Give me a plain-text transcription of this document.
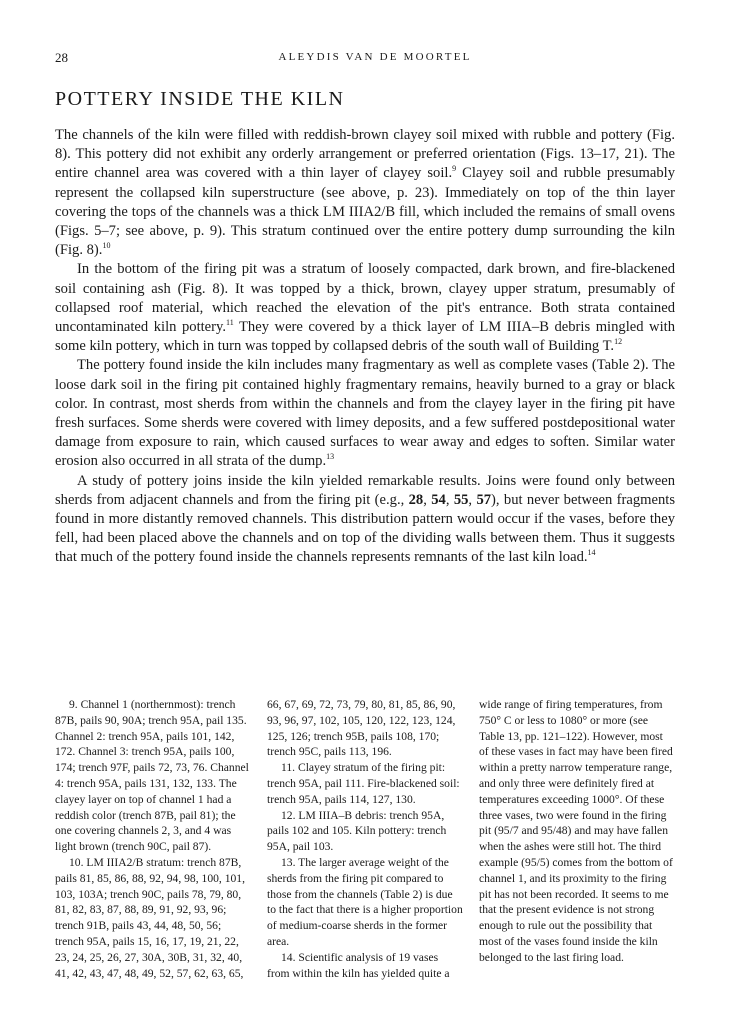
28	ALEYDIS VAN DE MOORTEL
POTTERY INSIDE THE KILN

The channels of the kiln were filled with reddish-brown clayey soil mixed with rubble and pottery (Fig. 8). This pottery did not exhibit any orderly arrangement or preferred orientation (Figs. 13–17, 21). The entire channel area was covered with a thin layer of clayey soil.$^9$ Clayey soil and rubble presumably represent the collapsed kiln superstructure (see above, p. 23). Immediately on top of the thin layer covering the tops of the channels was a thick LM IIIA2/B fill, which included the remains of small ovens (Figs. 5–7; see above, p. 9). This stratum continued over the entire pottery dump surrounding the kiln (Fig. 8).$^{10}$

In the bottom of the firing pit was a stratum of loosely compacted, dark brown, and fire-blackened soil containing ash (Fig. 8). It was topped by a thick, brown, clayey upper stratum, presumably of collapsed roof material, which reached the elevation of the pit's entrance. Both strata contained uncontaminated kiln pottery.$^{11}$ They were covered by a thick layer of LM IIIA–B debris mingled with some kiln pottery, which in turn was topped by collapsed debris of the south wall of Building T.$^{12}$

The pottery found inside the kiln includes many fragmentary as well as complete vases (Table 2). The loose dark soil in the firing pit contained highly fragmentary remains, heavily burned to a gray or black color. In contrast, most sherds from within the channels and from the clayey layer in the firing pit have fresh surfaces. Some sherds were covered with limey deposits, and a few suffered postdepositional water damage from exposure to rain, which caused surfaces to wear away and edges to soften. Similar water erosion also occurred in all strata of the dump.$^{13}$

A study of pottery joins inside the kiln yielded remarkable results. Joins were found only between sherds from adjacent channels and from the firing pit (e.g., 28, 54, 55, 57), but never between fragments found in more distantly removed channels. This distribution pattern would occur if the vases, before they fell, had been placed above the channels and on top of the dividing walls between them. Thus it suggests that much of the pottery found inside the channels represents remnants of the last kiln load.$^{14}$

9. Channel 1 (northernmost): trench 87B, pails 90, 90A; trench 95A, pail 135. Channel 2: trench 95A, pails 101, 142, 172. Channel 3: trench 95A, pails 100, 174; trench 97F, pails 72, 73, 76. Channel 4: trench 95A, pails 131, 132, 133. The clayey layer on top of channel 1 had a reddish color (trench 87B, pail 81); the one covering channels 2, 3, and 4 was light brown (trench 90C, pail 87).

10. LM IIIA2/B stratum: trench 87B, pails 81, 85, 86, 88, 92, 94, 98, 100, 101, 103, 103A; trench 90C, pails 78, 79, 80, 81, 82, 83, 87, 88, 89, 91, 92, 93, 96; trench 91B, pails 43, 44, 48, 50, 56; trench 95A, pails 15, 16, 17, 19, 21, 22, 23, 24, 25, 26, 27, 30A, 30B, 31, 32, 40, 41, 42, 43, 47, 48, 49, 52, 57, 62, 63, 65,

66, 67, 69, 72, 73, 79, 80, 81, 85, 86, 90, 93, 96, 97, 102, 105, 120, 122, 123, 124, 125, 126; trench 95B, pails 108, 170; trench 95C, pails 113, 196.

11. Clayey stratum of the firing pit: trench 95A, pail 111. Fire-blackened soil: trench 95A, pails 114, 127, 130.

12. LM IIIA–B debris: trench 95A, pails 102 and 105. Kiln pottery: trench 95A, pail 103.

13. The larger average weight of the sherds from the firing pit compared to those from the channels (Table 2) is due to the fact that there is a higher proportion of medium-coarse sherds in the former area.

14. Scientific analysis of 19 vases from within the kiln has yielded quite a

wide range of firing temperatures, from 750° C or less to 1080° or more (see Table 13, pp. 121–122). However, most of these vases in fact may have been fired within a pretty narrow temperature range, and only three were definitely fired at temperatures exceeding 1000°. Of these three vases, two were found in the firing pit (95/7 and 95/48) and may have fallen when the ashes were still hot. The third example (95/5) comes from the bottom of channel 1, and its proximity to the firing pit has not been recorded. It seems to me that the present evidence is not strong enough to rule out the possibility that most of the vases found inside the kiln belonged to the last firing load.
